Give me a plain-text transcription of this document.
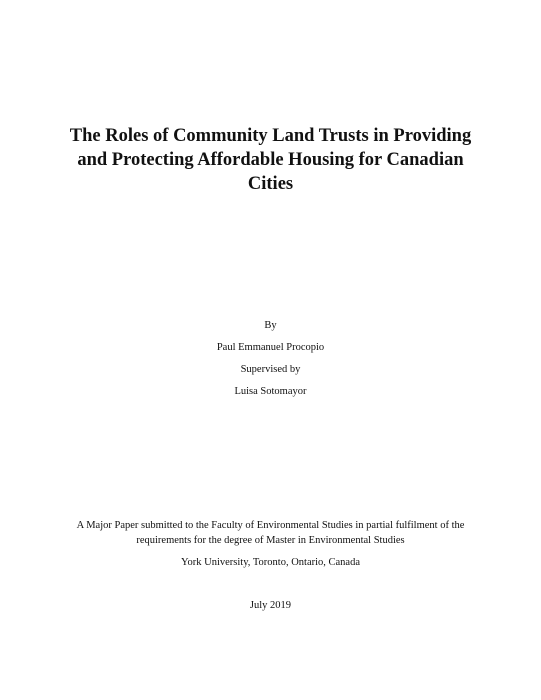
The Roles of Community Land Trusts in Providing
and Protecting Affordable Housing for Canadian
Cities

By

Paul Emmanuel Procopio

Supervised by

Luisa Sotomayor

A Major Paper submitted to the Faculty of Environmental Studies in partial fulfilment of the
requirements for the degree of Master in Environmental Studies

York University, Toronto, Ontario, Canada

July 2019
